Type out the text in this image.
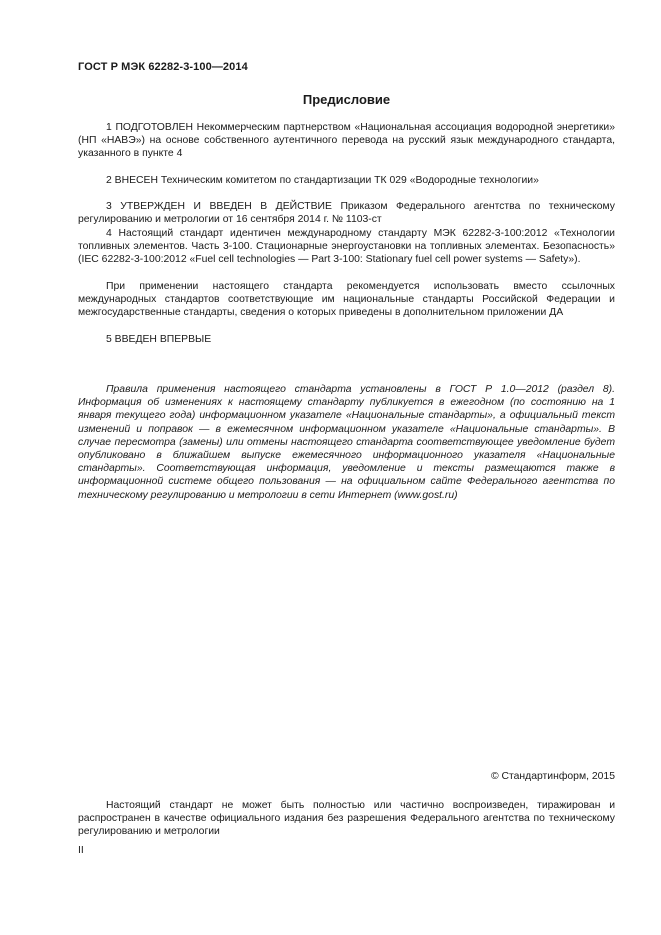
ГОСТ Р МЭК 62282-3-100—2014
Предисловие

1 ПОДГОТОВЛЕН Некоммерческим партнерством «Национальная ассоциация водородной энергетики» (НП «НАВЭ») на основе собственного аутентичного перевода на русский язык международного стандарта, указанного в пункте 4

2 ВНЕСЕН Техническим комитетом по стандартизации ТК 029 «Водородные технологии»

3 УТВЕРЖДЕН И ВВЕДЕН В ДЕЙСТВИЕ Приказом Федерального агентства по техническому регулированию и метрологии от 16 сентября 2014 г. № 1103-ст

4 Настоящий стандарт идентичен международному стандарту МЭК 62282-3-100:2012 «Технологии топливных элементов. Часть 3-100. Стационарные энергоустановки на топливных элементах. Безопасность» (IEC 62282-3-100:2012 «Fuel cell technologies — Part 3-100: Stationary fuel cell power systems — Safety»).

При применении настоящего стандарта рекомендуется использовать вместо ссылочных международных стандартов соответствующие им национальные стандарты Российской Федерации и межгосударственные стандарты, сведения о которых приведены в дополнительном приложении ДА

5 ВВЕДЕН ВПЕРВЫЕ

Правила применения настоящего стандарта установлены в ГОСТ Р 1.0—2012 (раздел 8). Информация об изменениях к настоящему стандарту публикуется в ежегодном (по состоянию на 1 января текущего года) информационном указателе «Национальные стандарты», а официальный текст изменений и поправок — в ежемесячном информационном указателе «Национальные стандарты». В случае пересмотра (замены) или отмены настоящего стандарта соответствующее уведомление будет опубликовано в ближайшем выпуске ежемесячного информационного указателя «Национальные стандарты». Соответствующая информация, уведомление и тексты размещаются также в информационной системе общего пользования — на официальном сайте Федерального агентства по техническому регулированию и метрологии в сети Интернет (www.gost.ru)

© Стандартинформ, 2015

Настоящий стандарт не может быть полностью или частично воспроизведен, тиражирован и распространен в качестве официального издания без разрешения Федерального агентства по техническому регулированию и метрологии

II
